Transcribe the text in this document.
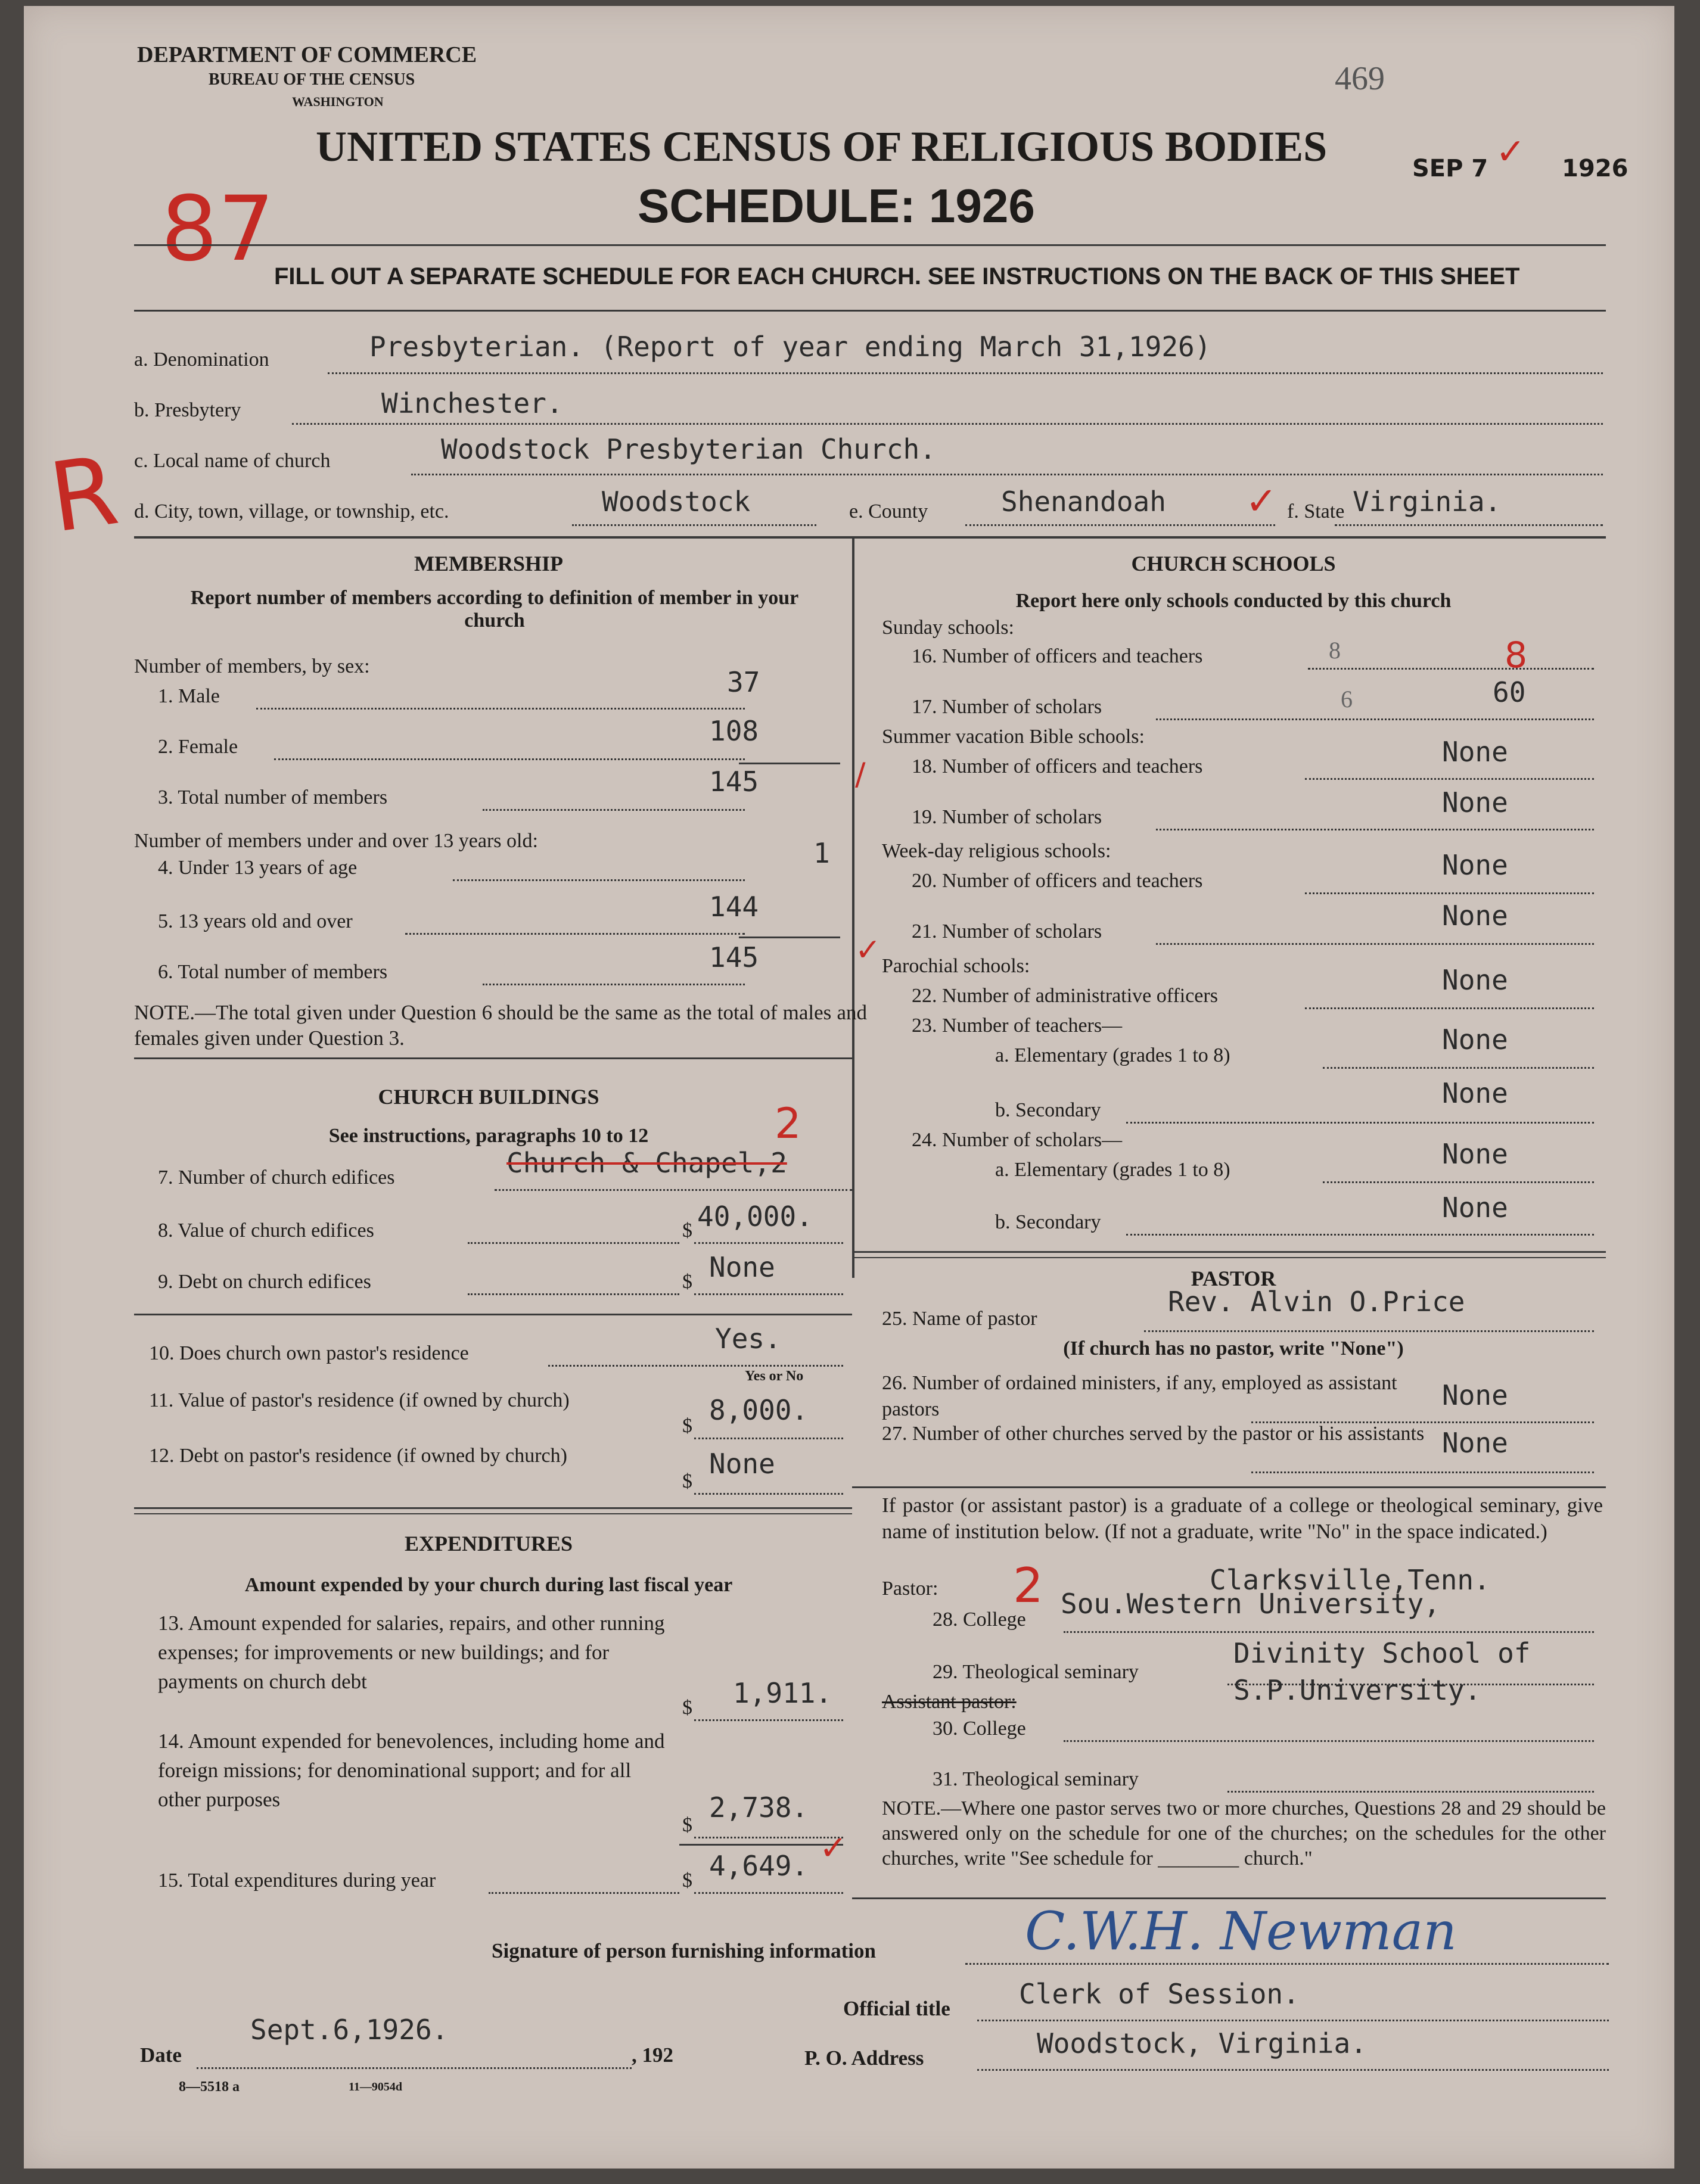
DEPARTMENT OF COMMERCE
BUREAU OF THE CENSUS
WASHINGTON
469
87
R
UNITED STATES CENSUS OF RELIGIOUS BODIES
SCHEDULE: 1926
SEP 7	1926
✓
FILL OUT A SEPARATE SCHEDULE FOR EACH CHURCH. SEE INSTRUCTIONS ON THE BACK OF THIS SHEET
a. Denomination	Presbyterian. (Report of year ending March 31,1926)
b. Presbytery	Winchester.
c. Local name of church	Woodstock Presbyterian Church.
d. City, town, village, or township, etc.	Woodstock	e. County	Shenandoah ✓ f. State Virginia.
MEMBERSHIP
Report number of members according to definition of member in your church
Number of members, by sex:
1. Male	37
2. Female	108
3. Total number of members	145	/
Number of members under and over 13 years old:
4. Under 13 years of age	1
5. 13 years old and over	144
6. Total number of members	145	✓
NOTE.—The total given under Question 6 should be the same as the total of males and females given under Question 3.
CHURCH BUILDINGS
See instructions, paragraphs 10 to 12	2
7. Number of church edifices	Church & Chapel,2
8. Value of church edifices	$ 40,000.
9. Debt on church edifices	$ None
10. Does church own pastor's residence	Yes.
Yes or No
11. Value of pastor's residence (if owned by church)
$ 8,000.
12. Debt on pastor's residence (if owned by church)
$
None
EXPENDITURES
Amount expended by your church during last fiscal year
13. Amount expended for salaries, repairs, and other running expenses; for improvements or new buildings; and for payments on church debt
$ 1,911.
14. Amount expended for benevolences, including home and foreign missions; for denominational support; and for all other purposes
$
2,738.
15. Total expenditures during year	$ 4,649. ✓
CHURCH SCHOOLS
Report here only schools conducted by this church
Sunday schools:
16. Number of officers and teachers	8	8
17. Number of scholars	6	60
Summer vacation Bible schools:
18. Number of officers and teachers	None
19. Number of scholars	None
Week-day religious schools:
20. Number of officers and teachers	None
21. Number of scholars	None
Parochial schools:
22. Number of administrative officers	None
23. Number of teachers—
a. Elementary (grades 1 to 8)	None
b. Secondary
None
24. Number of scholars—
a. Elementary (grades 1 to 8)	None
b. Secondary	None
PASTOR
25. Name of pastor
Rev. Alvin O.Price
(If church has no pastor, write "None")
26. Number of ordained ministers, if any, employed as assistant pastors	None
27. Number of other churches served by the pastor or his assistants None
If pastor (or assistant pastor) is a graduate of a college or theological seminary, give name of institution below. (If not a graduate, write "No" in the space indicated.)
Pastor: 2	Clarksville,Tenn.
28. College Sou.Western University,
29. Theological seminary
Divinity School of
S.P.University.
Assistant pastor:
30. College
31. Theological seminary
NOTE.—Where one pastor serves two or more churches, Questions 28 and 29 should be answered only on the schedule for one of the churches; on the schedules for the other churches, write "See schedule for ________ church."
Signature of person furnishing information	C.W.H. Newman
Official title	Clerk of Session.
Date
Sept.6,1926.
, 192	P. O. Address	Woodstock, Virginia.
8—5518 a	11—9054d
